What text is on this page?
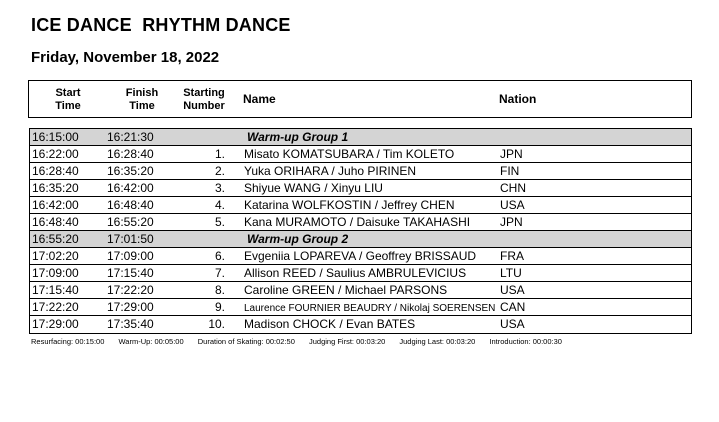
ICE DANCE  RHYTHM DANCE
Friday, November 18, 2022
Start
Time
Finish
Time
Starting
Number	Name	Nation
16:15:00 16:21:30	Warm-up Group 1
16:22:00 16:28:40	1. Misato KOMATSUBARA / Tim KOLETO	JPN
16:28:40 16:35:20	2. Yuka ORIHARA / Juho PIRINEN	FIN
16:35:20 16:42:00	3. Shiyue WANG / Xinyu LIU	CHN
16:42:00 16:48:40	4. Katarina WOLFKOSTIN / Jeffrey CHEN	USA
16:48:40 16:55:20	5. Kana MURAMOTO / Daisuke TAKAHASHI JPN
16:55:20 17:01:50	Warm-up Group 2
17:02:20 17:09:00	6. Evgeniia LOPAREVA / Geoffrey BRISSAUD FRA
17:09:00 17:15:40	7. Allison REED / Saulius AMBRULEVICIUS	LTU
17:15:40 17:22:20	8. Caroline GREEN / Michael PARSONS	USA
17:22:20 17:29:00	9. Laurence FOURNIER BEAUDRY / Nikolaj SOERENSEN CAN
17:29:00 17:35:40	10. Madison CHOCK / Evan BATES	USA
Resurfacing: 00:15:00 Warm-Up: 00:05:00 Duration of Skating: 00:02:50 Judging First: 00:03:20 Judging Last: 00:03:20 Introduction: 00:00:30
